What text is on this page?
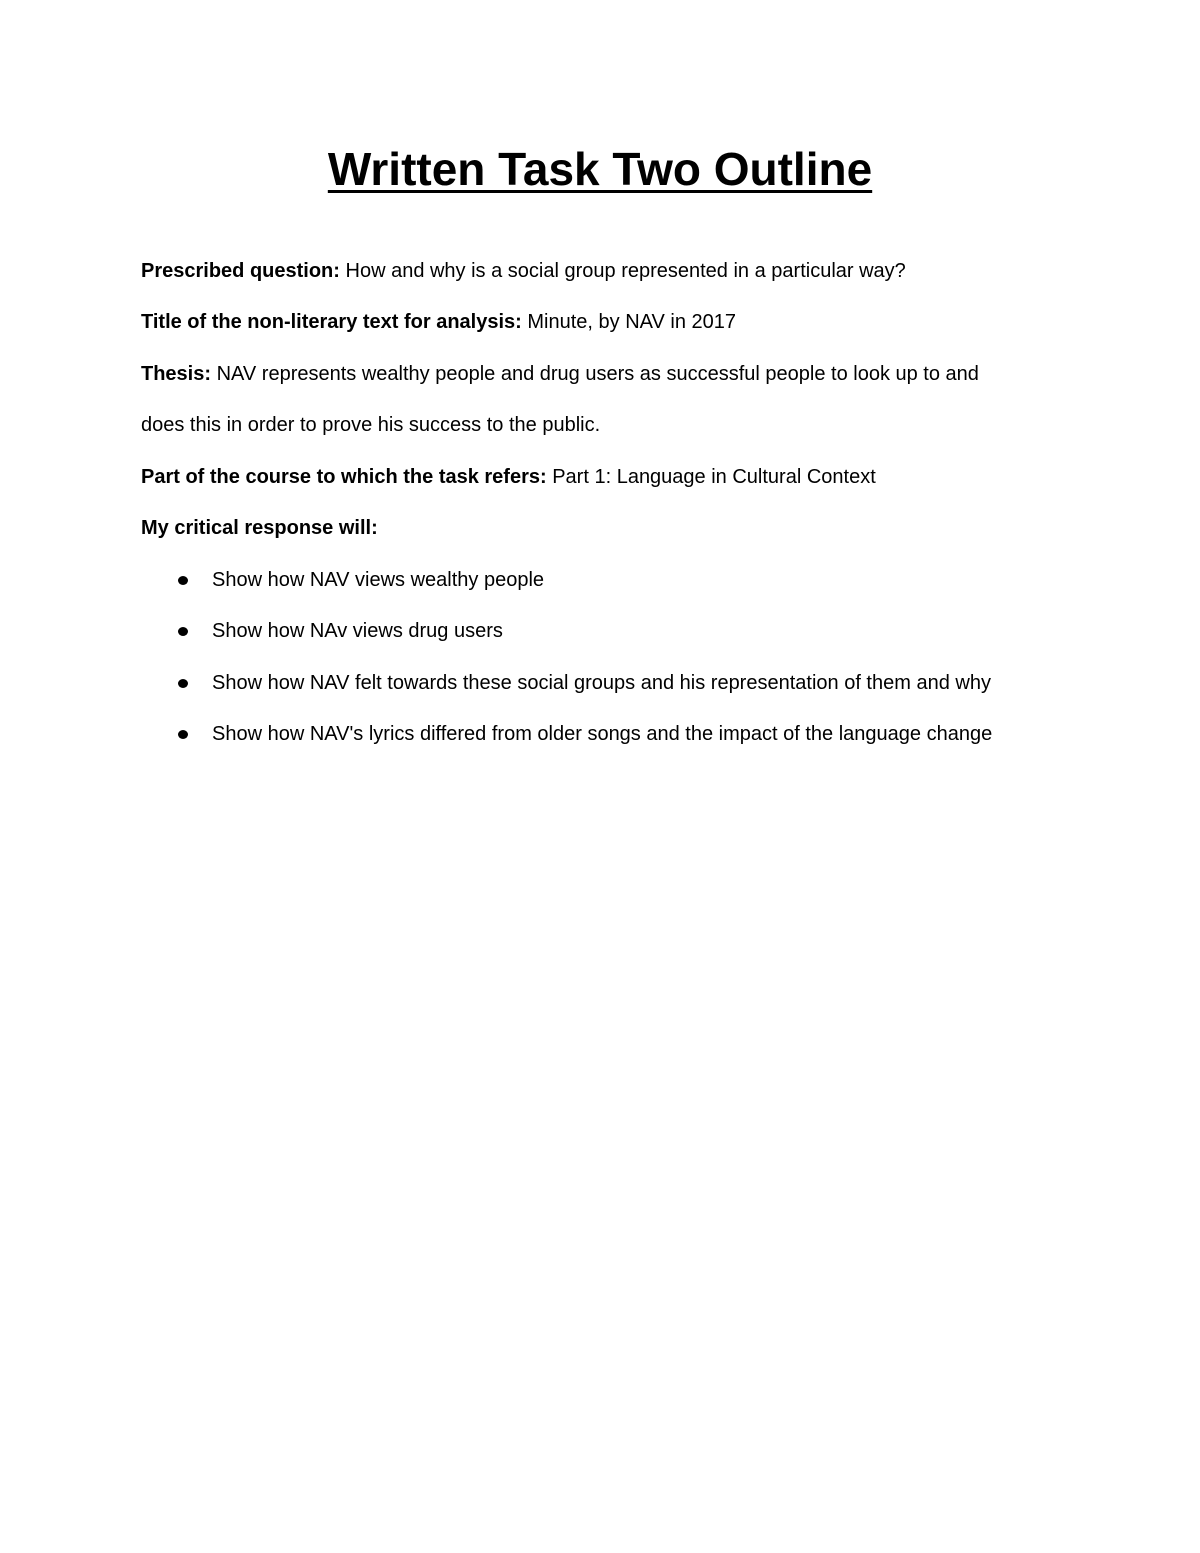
Written Task Two Outline

Prescribed question: How and why is a social group represented in a particular way?

Title of the non-literary text for analysis: Minute, by NAV in 2017

Thesis: NAV represents wealthy people and drug users as successful people to look up to and

does this in order to prove his success to the public.

Part of the course to which the task refers: Part 1: Language in Cultural Context

My critical response will:

Show how NAV views wealthy people

Show how NAv views drug users

Show how NAV felt towards these social groups and his representation of them and why

Show how NAV's lyrics differed from older songs and the impact of the language change
